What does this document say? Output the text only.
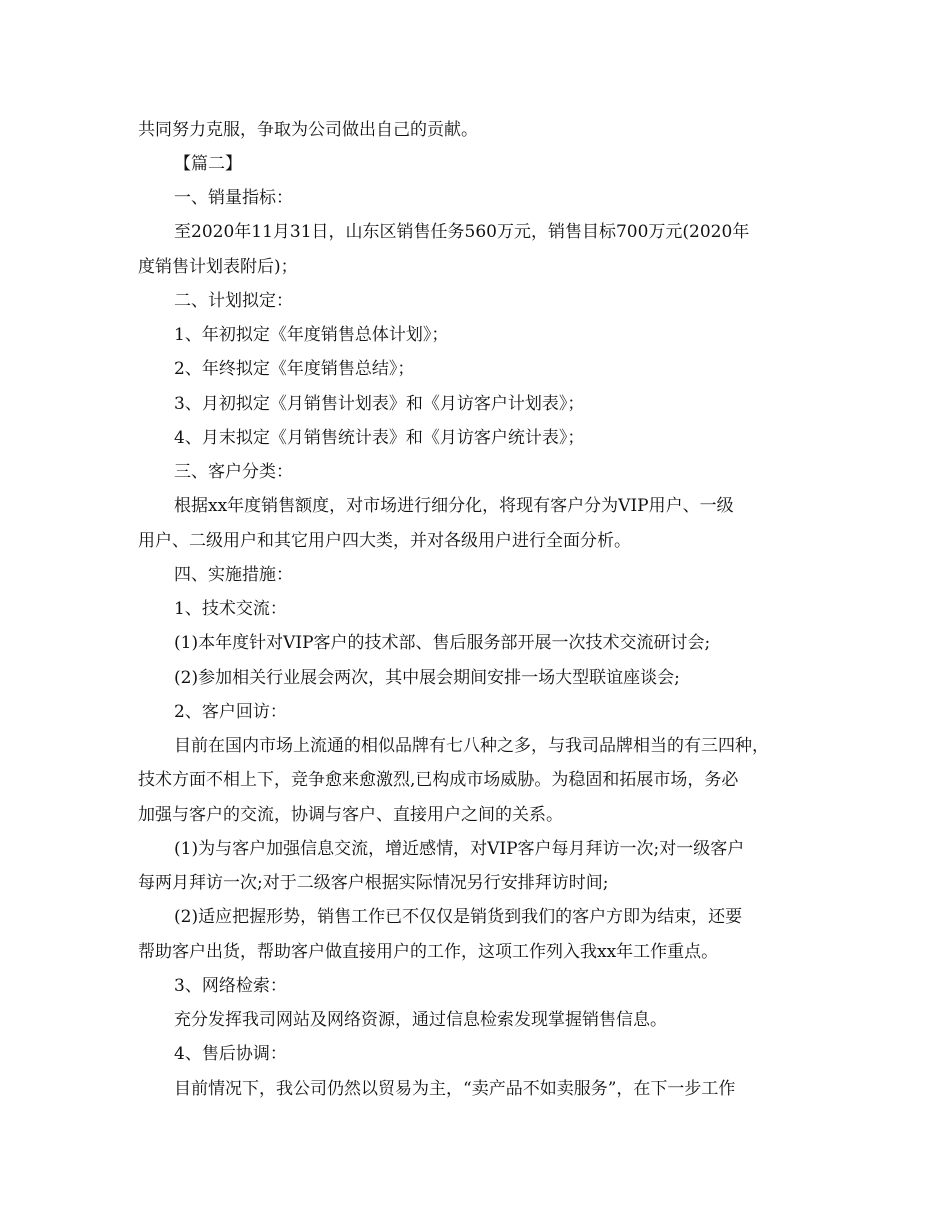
共同努力克服，争取为公司做出自己的贡献。
【篇二】
一、销量指标：
至2020年11月31日，山东区销售任务560万元，销售目标700万元(2020年
度销售计划表附后)；
二、计划拟定：
1、年初拟定《年度销售总体计划》；
2、年终拟定《年度销售总结》；
3、月初拟定《月销售计划表》和《月访客户计划表》；
4、月末拟定《月销售统计表》和《月访客户统计表》；
三、客户分类：
根据xx年度销售额度，对市场进行细分化，将现有客户分为VIP用户、一级
用户、二级用户和其它用户四大类，并对各级用户进行全面分析。
四、实施措施：
1、技术交流：
(1)本年度针对VIP客户的技术部、售后服务部开展一次技术交流研讨会;
(2)参加相关行业展会两次，其中展会期间安排一场大型联谊座谈会;
2、客户回访：
目前在国内市场上流通的相似品牌有七八种之多，与我司品牌相当的有三四种，
技术方面不相上下，竞争愈来愈激烈,已构成市场威胁。为稳固和拓展市场，务必
加强与客户的交流，协调与客户、直接用户之间的关系。
(1)为与客户加强信息交流，增近感情，对VIP客户每月拜访一次;对一级客户
每两月拜访一次;对于二级客户根据实际情况另行安排拜访时间;
(2)适应把握形势，销售工作已不仅仅是销货到我们的客户方即为结束，还要
帮助客户出货，帮助客户做直接用户的工作，这项工作列入我xx年工作重点。
3、网络检索：
充分发挥我司网站及网络资源，通过信息检索发现掌握销售信息。
4、售后协调：
目前情况下，我公司仍然以贸易为主，“卖产品不如卖服务”，在下一步工作
